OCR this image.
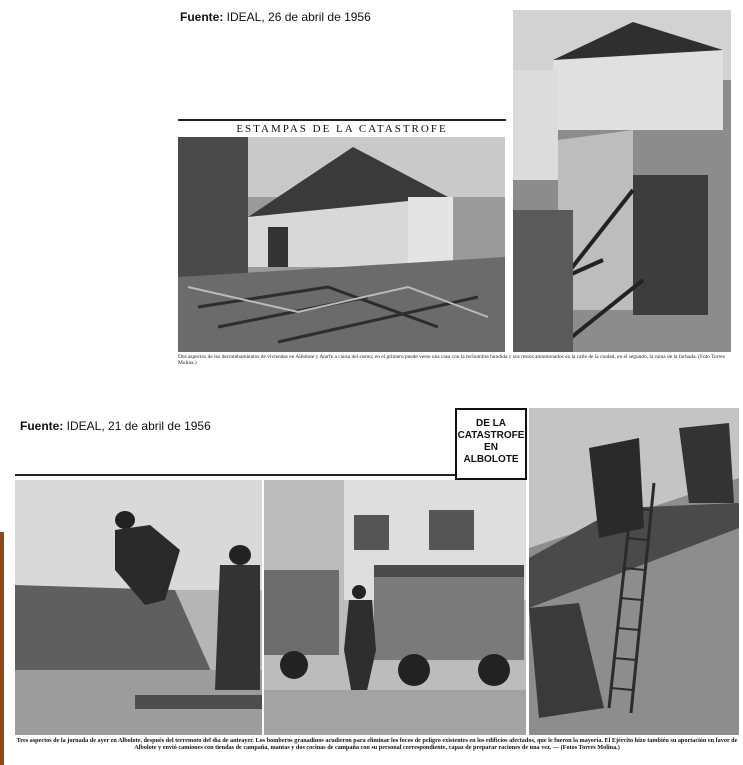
Fuente: IDEAL, 26 de abril de 1956
ESTAMPAS DE LA CATASTROFE
Dos aspectos de los derrumbamientos de viviendas en Albolote y Atarfe a causa del sismo; en el primero puede verse una casa con la techumbre hundida y sus restos amontonados en la calle de la ciudad, en el segundo, la ruina de la fachada. (Foto Torres Molina.)
Fuente: IDEAL, 21 de abril de 1956	DE LA
CATASTROFE
EN
ALBOLOTE
Tres aspectos de la jornada de ayer en Albolote, después del terremoto del día de anteayer. Los bomberos granadinos acudieron para eliminar los focos de peligro existentes en los edificios afectados, que le fueron la mayoría. El Ejército hizo también su aportación en favor de Albolote y envió camiones con tiendas de campaña, mantas y dos cocinas de campaña con su personal correspondiente, capaz de preparar raciones de una vez. — (Fotos Torres Molina.)
